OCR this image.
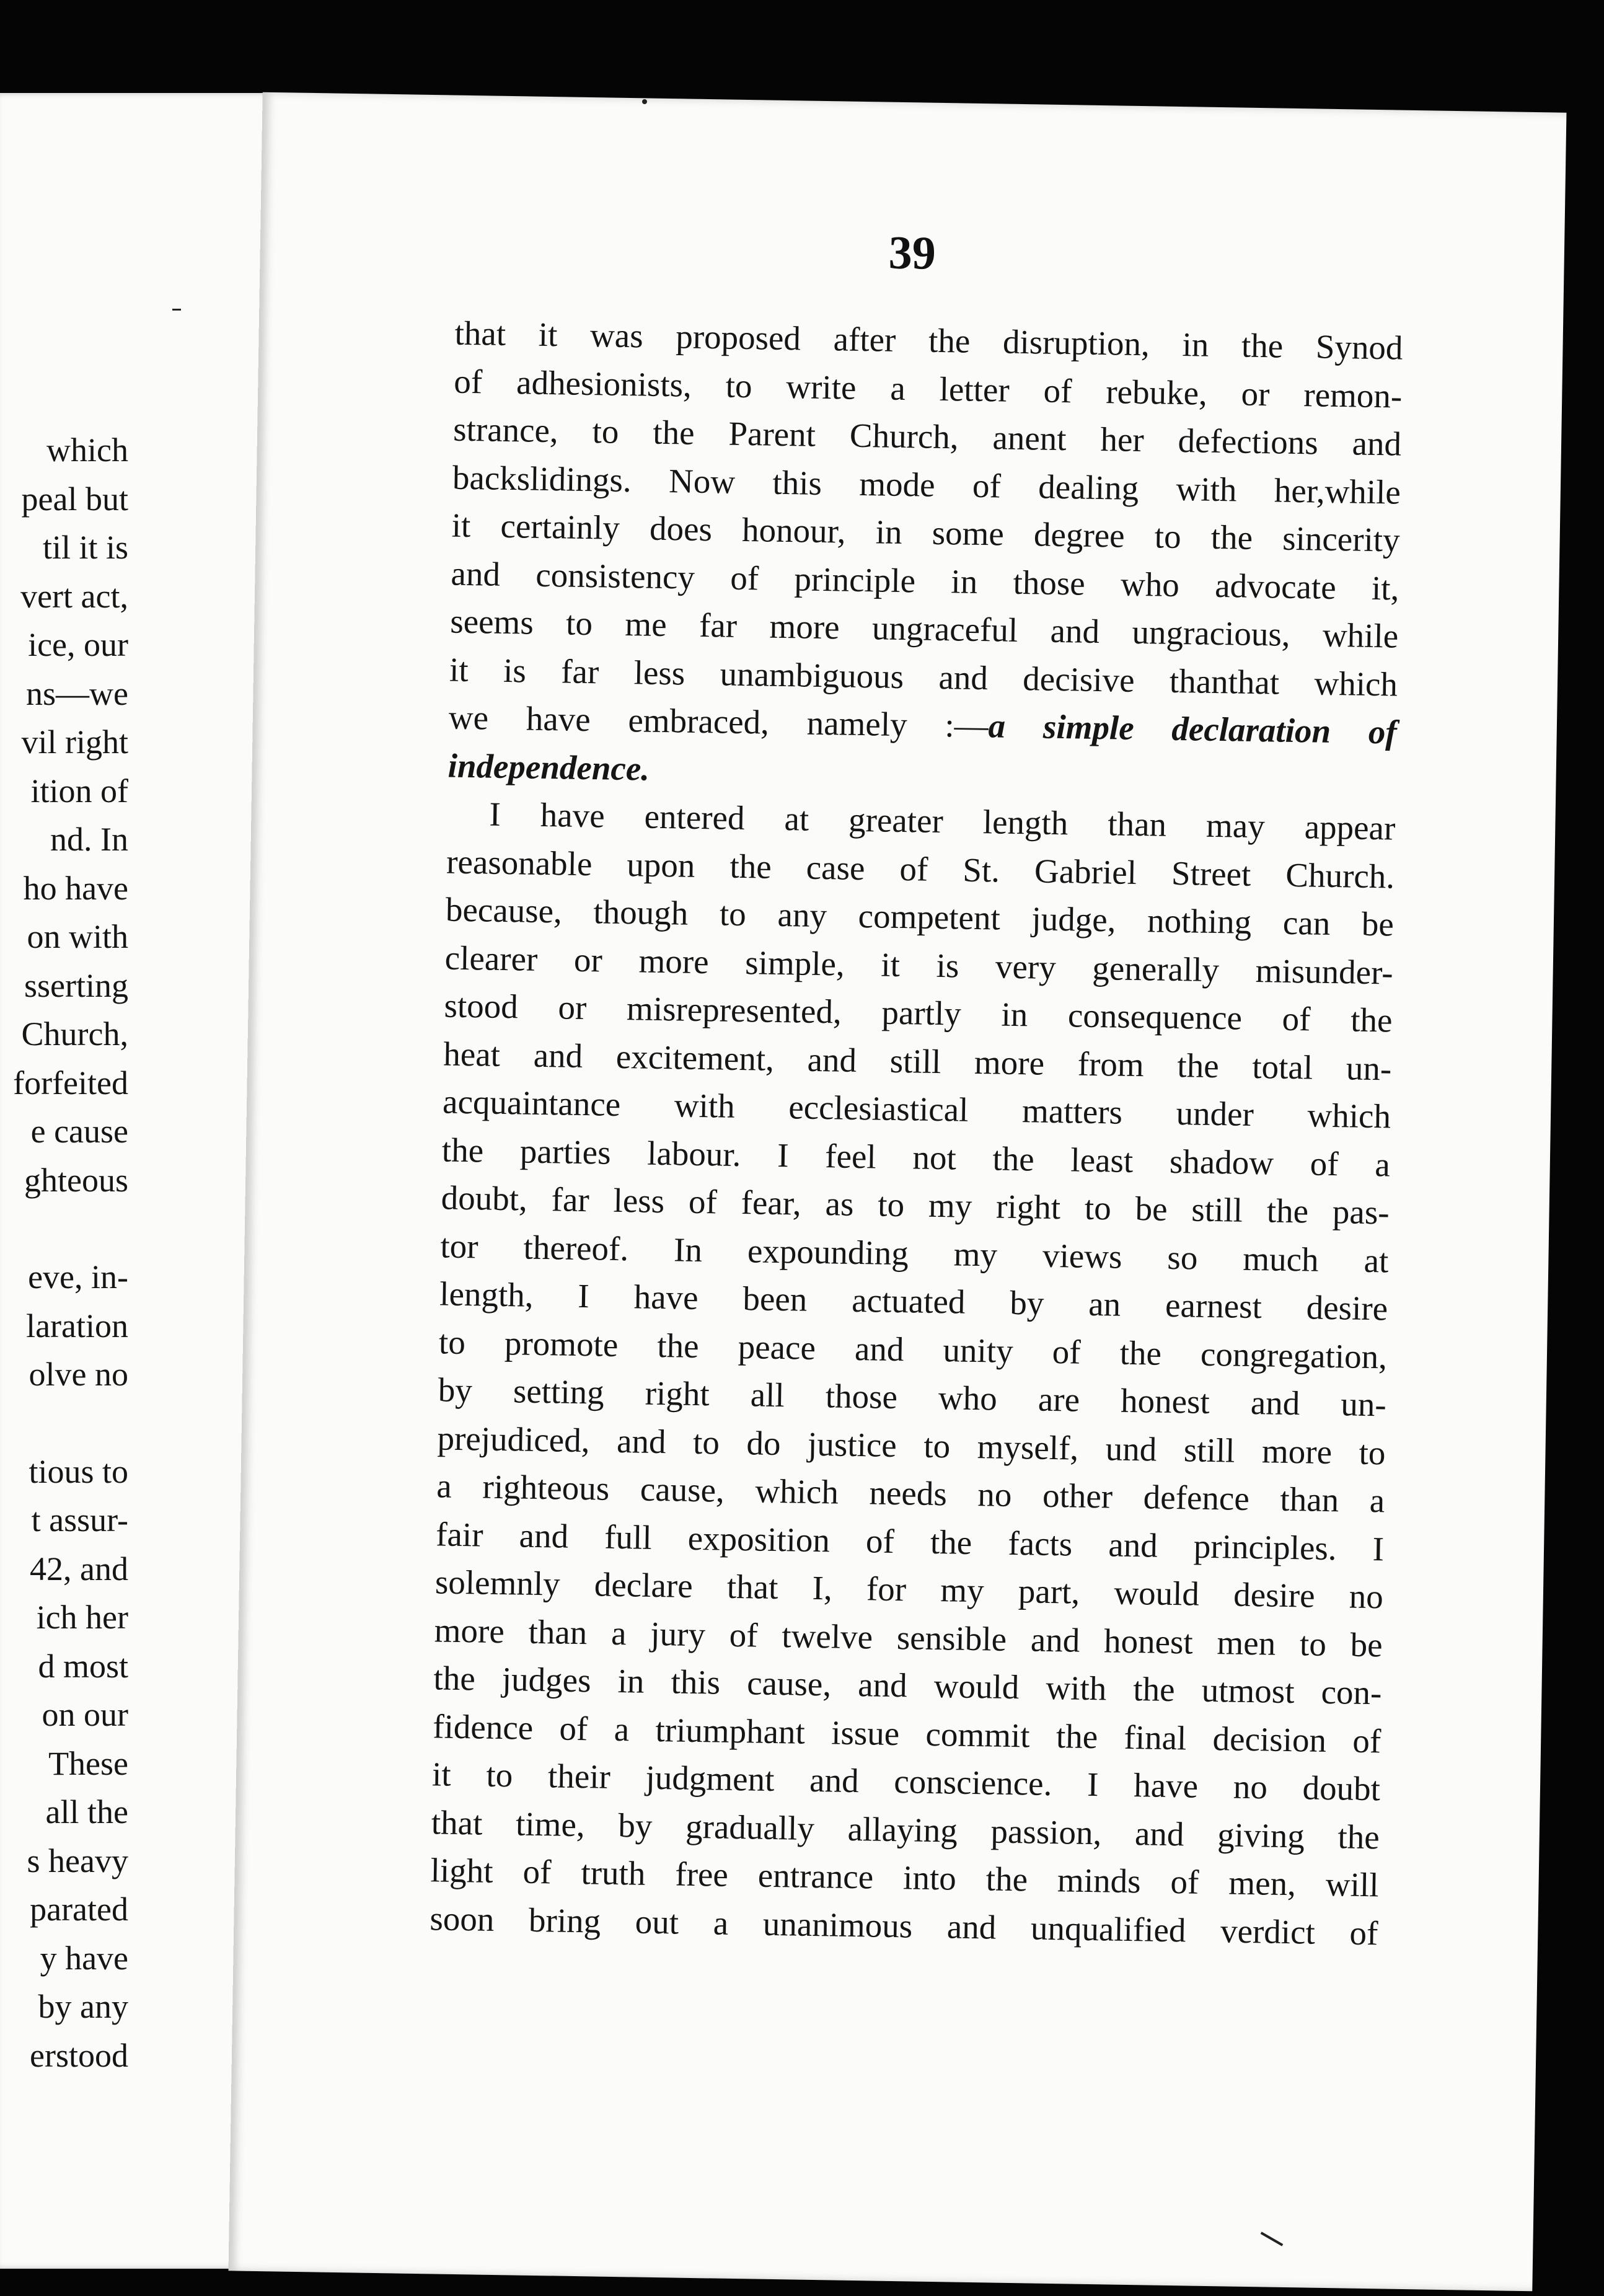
which
peal but
til it is
vert act,
ice, our
ns—we
vil right
ition of
nd. In
ho have
on with
sserting
Church,
forfeited
e cause
ghteous
eve, in-
laration
olve no
tious to
t assur-
42, and
ich her
d most
on our
These
all the
s heavy
parated
y have
by any
erstood
39
that it was proposed after the disruption, in the Synod
of adhesionists, to write a letter of rebuke, or remon-
strance, to the Parent Church, anent her defections and
backslidings. Now this mode of dealing with her,while
it certainly does honour, in some degree to the sincerity
and consistency of principle in those who advocate it,
seems to me far more ungraceful and ungracious, while
it is far less unambiguous and decisive thanthat which
we have embraced, namely :—a simple declaration of
independence.
I have entered at greater length than may appear
reasonable upon the case of St. Gabriel Street Church.
because, though to any competent judge, nothing can be
clearer or more simple, it is very generally misunder-
stood or misrepresented, partly in consequence of the
heat and excitement, and still more from the total un-
acquaintance with ecclesiastical matters under which
the parties labour. I feel not the least shadow of a
doubt, far less of fear, as to my right to be still the pas-
tor thereof. In expounding my views so much at
length, I have been actuated by an earnest desire
to promote the peace and unity of the congregation,
by setting right all those who are honest and un-
prejudiced, and to do justice to myself, und still more to
a righteous cause, which needs no other defence than a
fair and full exposition of the facts and principles. I
solemnly declare that I, for my part, would desire no
more than a jury of twelve sensible and honest men to be
the judges in this cause, and would with the utmost con-
fidence of a triumphant issue commit the final decision of
it to their judgment and conscience. I have no doubt
that time, by gradually allaying passion, and giving the
light of truth free entrance into the minds of men, will
soon bring out a unanimous and unqualified verdict of
